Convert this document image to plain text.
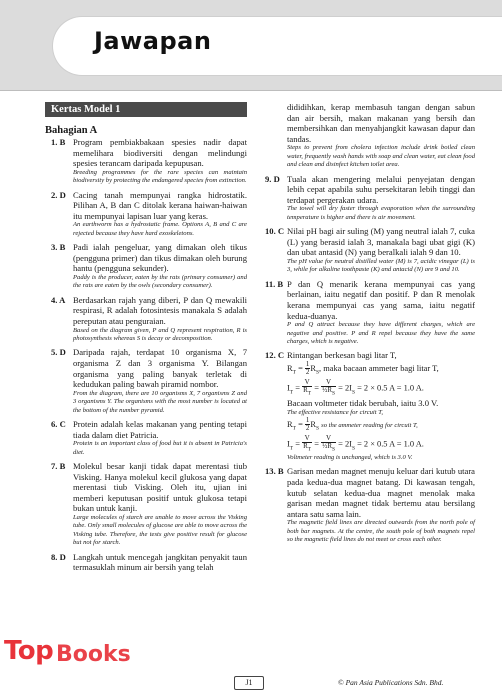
Jawapan
Kertas Model 1
Bahagian A
1. B Program pembiakbakaan spesies nadir dapat memelihara biodiversiti dengan melindungi spesies terancam daripada kepupusan.
Breeding programmes for the rare species can maintain biodiversity by protecting the endangered species from extinction.
2. D Cacing tanah mempunyai rangka hidrostatik. Pilihan A, B dan C ditolak kerana haiwan-haiwan itu mempunyai lapisan luar yang keras.
An earthworm has a hydrostatic frame. Options A, B and C are rejected because they have hard exoskeletons.
3. B Padi ialah pengeluar, yang dimakan oleh tikus (pengguna primer) dan tikus dimakan oleh burung hantu (pengguna sekunder).
Paddy is the producer, eaten by the rats (primary consumer) and the rats are eaten by the owls (secondary consumer).
4. A Berdasarkan rajah yang diberi, P dan Q mewakili respirasi, R adalah fotosintesis manakala S adalah pereputan atau penguraian.
Based on the diagram given, P and Q represent respiration, R is photosynthesis whereas S is decay or decomposition.
5. D Daripada rajah, terdapat 10 organisma X, 7 organisma Z dan 3 organisma Y. Bilangan organisma yang paling banyak terletak di kedudukan paling bawah piramid nombor.
From the diagram, there are 10 organisms X, 7 organisms Z and 3 organisms Y. The organisms with the most number is located at the bottom of the number pyramid.
6. C Protein adalah kelas makanan yang penting tetapi tiada dalam diet Patricia.
Protein is an important class of food but it is absent in Patricia's diet.
7. B Molekul besar kanji tidak dapat merentasi tiub Visking. Hanya molekul kecil glukosa yang dapat merentasi tiub Visking. Oleh itu, ujian ini memberi keputusan positif untuk glukosa tetapi bukan untuk kanji.
Large molecules of starch are unable to move across the Visking tube. Only small molecules of glucose are able to move across the Visking tube. Therefore, the tests give positive result for glucose but not for starch.
8. D Langkah untuk mencegah jangkitan penyakit taun termasuklah minum air bersih yang telah
dididihkan, kerap membasuh tangan dengan sabun dan air bersih, makan makanan yang bersih dan membersihkan dan menyahjangkit kawasan dapur dan tandas.
Steps to prevent from cholera infection include drink boiled clean water, frequently wash hands with soap and clean water, eat clean food and clean and disinfect kitchen toilet area.
9. D Tuala akan mengering melalui penyejatan dengan lebih cepat apabila suhu persekitaran lebih tinggi dan terdapat pergerakan udara.
The towel will dry faster through evaporation when the surrounding temperature is higher and there is air movement.
10. C Nilai pH bagi air suling (M) yang neutral ialah 7, cuka (L) yang berasid ialah 3, manakala bagi ubat gigi (K) dan ubat antasid (N) yang beralkali ialah 9 dan 10.
The pH value for neutral distilled water (M) is 7, acidic vinegar (L) is 3, while for alkaline toothpaste (K) and antacid (N) are 9 and 10.
11. B P dan Q menarik kerana mempunyai cas yang berlainan, iaitu negatif dan positif. P dan R menolak kerana mempunyai cas yang sama, iaitu negatif kedua-duanya.
P and Q attract because they have different charges, which are negative and positive. P and R repel because they have the same charges, which is negative.
12. C Rintangan berkesan bagi litar T,
$R_T = \frac{1}{2} R_S$, maka bacaan ammeter bagi litar T,
$I_T = \frac{V}{R_T} = \frac{V}{\frac{1}{2}R_S} = 2I_S = 2 \times 0.5$ A = 1.0 A.
Bacaan voltmeter tidak berubah, iaitu 3.0 V.
The effective resistance for circuit T,
$R_T = \frac{1}{2} R_S$ so the ammeter reading for circuit T,
$I_T = \frac{V}{R_T} = \frac{V}{\frac{1}{2}R_S} = 2I_S = 2 \times 0.5$ A = 1.0 A.
Voltmeter reading is unchanged, which is 3.0 V.
13. B Garisan medan magnet menuju keluar dari kutub utara pada kedua-dua magnet batang. Di kawasan tengah, kutub selatan kedua-dua magnet menolak maka garisan medan magnet tidak bertemu atau bersilang antara satu sama lain.
The magnetic field lines are directed outwards from the north pole of both bar magnets. At the centre, the south pole of both magnets repel so the magnetic field lines do not meet or cross each other.
Top Books
J1	© Pan Asia Publications Sdn. Bhd.
